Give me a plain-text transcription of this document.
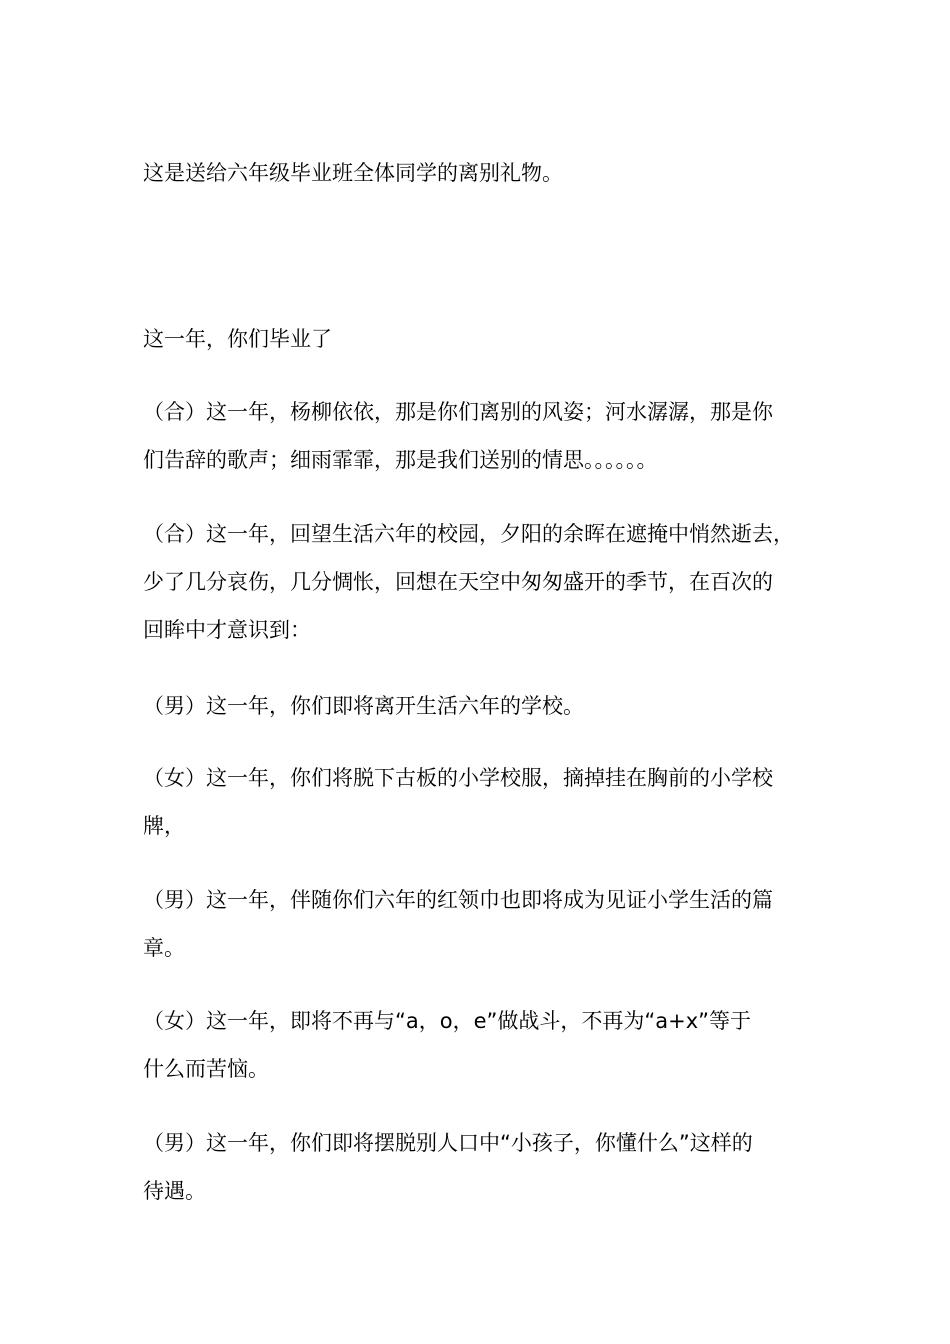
这是送给六年级毕业班全体同学的离别礼物。

这一年，你们毕业了

（合）这一年，杨柳依依，那是你们离别的风姿；河水潺潺，那是你
们告辞的歌声；细雨霏霏，那是我们送别的情思。。。。。。

（合）这一年，回望生活六年的校园，夕阳的余晖在遮掩中悄然逝去，
少了几分哀伤，几分惆怅，回想在天空中匆匆盛开的季节，在百次的
回眸中才意识到：

（男）这一年，你们即将离开生活六年的学校。

（女）这一年，你们将脱下古板的小学校服，摘掉挂在胸前的小学校
牌，

（男）这一年，伴随你们六年的红领巾也即将成为见证小学生活的篇
章。

（女）这一年，即将不再与“a，o，e”做战斗，不再为“a+x”等于
什么而苦恼。

（男）这一年，你们即将摆脱别人口中“小孩子，你懂什么”这样的
待遇。
